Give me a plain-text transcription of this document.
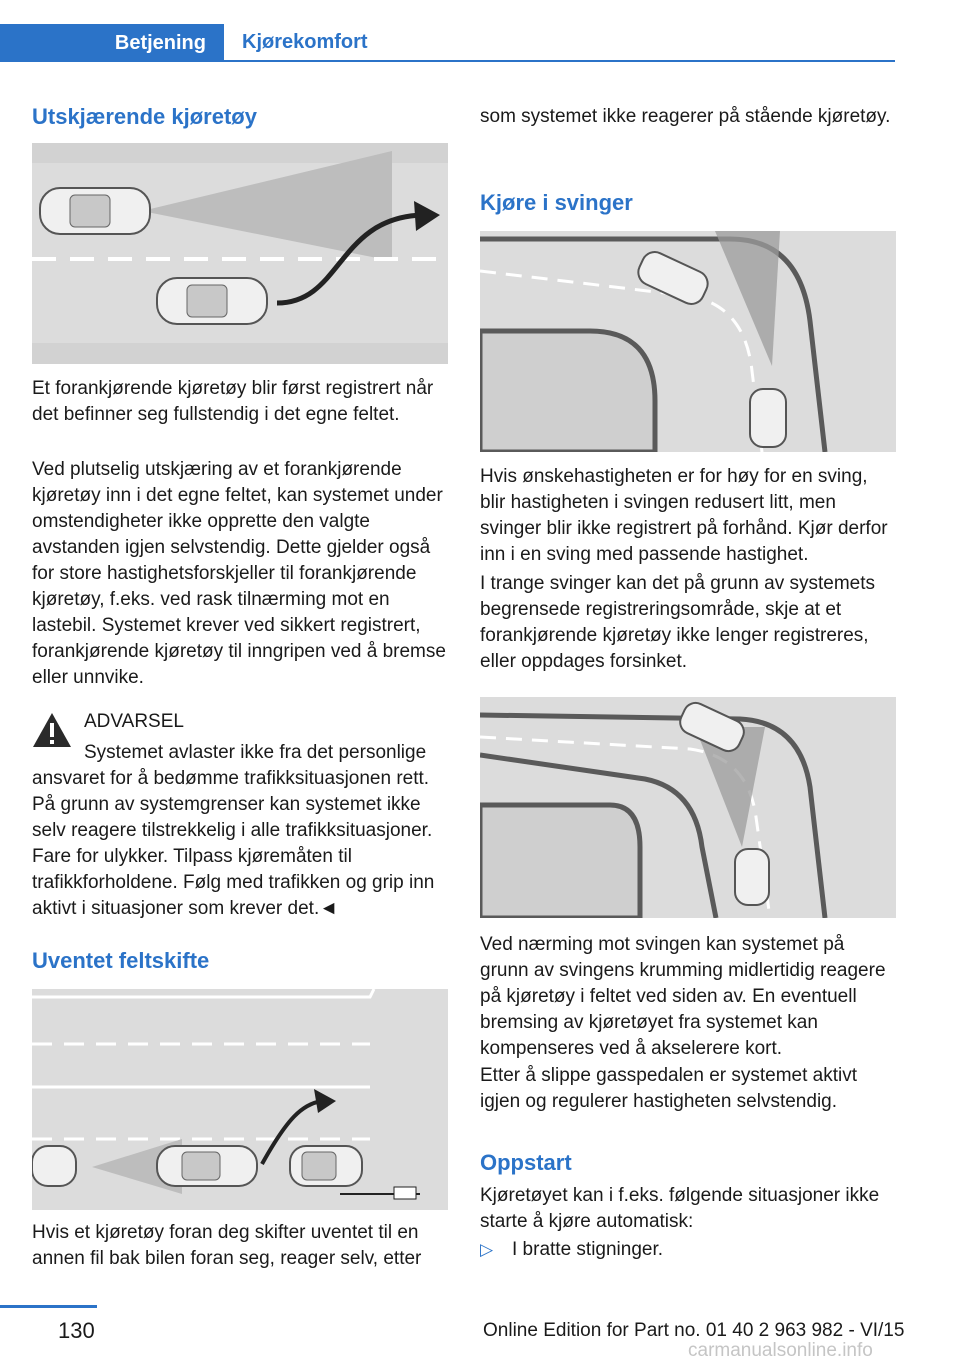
Betjening	Kjørekomfort
Utskjærende kjøretøy

Et forankjørende kjøretøy blir først registrert når det befinner seg fullstendig i det egne feltet.

Ved plutselig utskjæring av et forankjørende kjøretøy inn i det egne feltet, kan systemet under omstendigheter ikke opprette den valgte avstanden igjen selvstendig. Dette gjelder også for store hastighetsforskjeller til forankjørende kjøretøy, f.eks. ved rask tilnærming mot en lastebil. Systemet krever ved sikkert registrert, forankjørende kjøretøy til inngripen ved å bremse eller unnvike.

ADVARSEL

Systemet avlaster ikke fra det personlige ansvaret for å bedømme trafikksituasjonen rett. På grunn av systemgrenser kan systemet ikke selv reagere tilstrekkelig i alle trafikksituasjoner. Fare for ulykker. Tilpass kjøremåten til trafikkforholdene. Følg med trafikken og grip inn aktivt i situasjoner som krever det.◄

Uventet feltskifte

Hvis et kjøretøy foran deg skifter uventet til en annen fil bak bilen foran seg, reager selv, etter

som systemet ikke reagerer på stående kjøretøy.

Kjøre i svinger

Hvis ønskehastigheten er for høy for en sving, blir hastigheten i svingen redusert litt, men svinger blir ikke registrert på forhånd. Kjør derfor inn i en sving med passende hastighet.

I trange svinger kan det på grunn av systemets begrensede registreringsområde, skje at et forankjørende kjøretøy ikke lenger registreres, eller oppdages forsinket.

Ved nærming mot svingen kan systemet på grunn av svingens krumming midlertidig reagere på kjøretøy i feltet ved siden av. En eventuell bremsing av kjøretøyet fra systemet kan kompenseres ved å akselerere kort.

Etter å slippe gasspedalen er systemet aktivt igjen og regulerer hastigheten selvstendig.

Oppstart

Kjøretøyet kan i f.eks. følgende situasjoner ikke starte å kjøre automatisk:

▷ I bratte stigninger.

130	Online Edition for Part no. 01 40 2 963 982 - VI/15
carmanualsonline.info
